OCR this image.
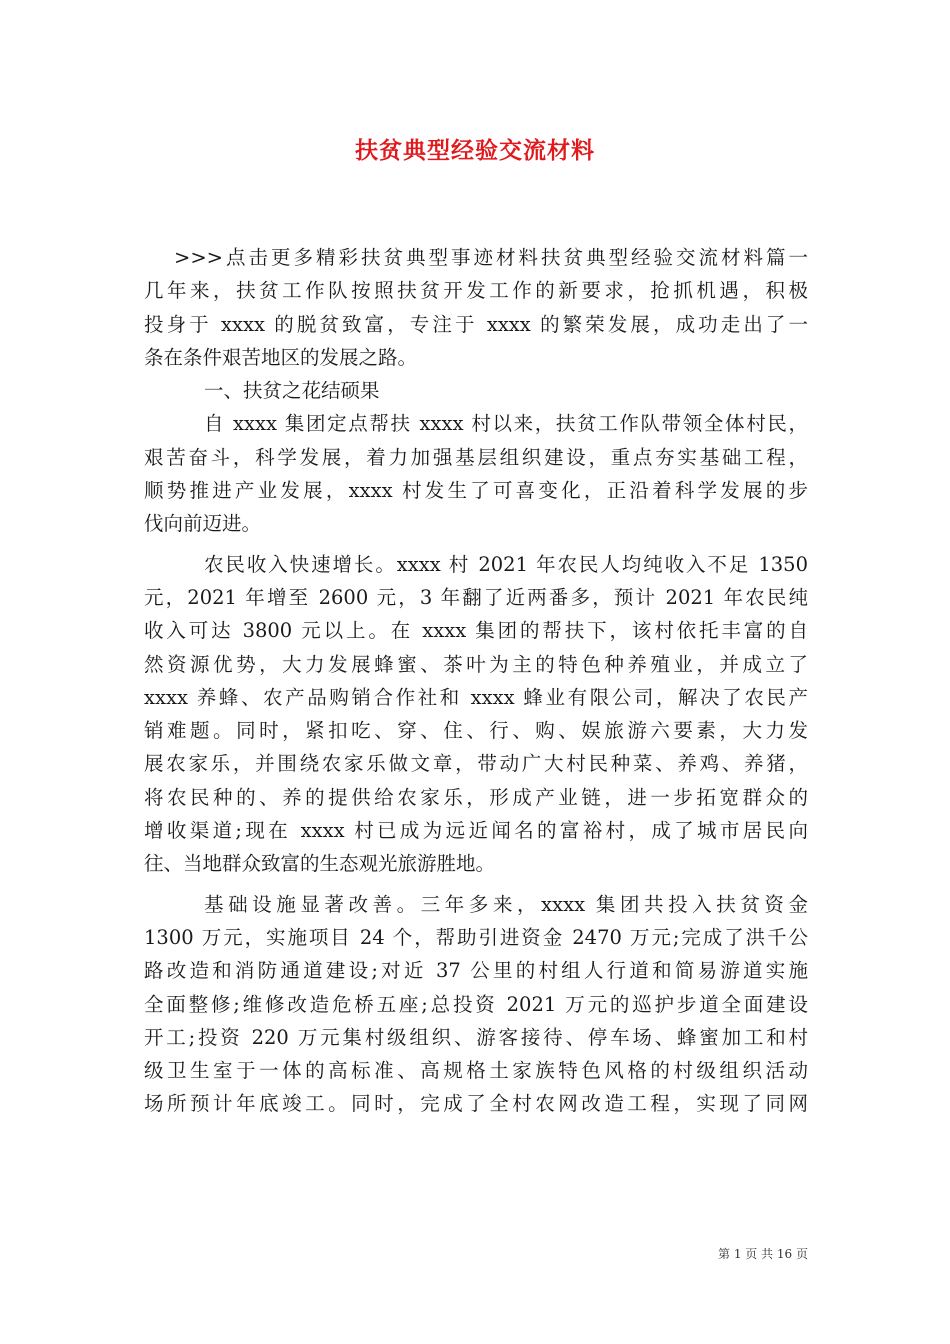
扶贫典型经验交流材料
>>>点击更多精彩扶贫典型事迹材料扶贫典型经验交流材料篇一
几年来，扶贫工作队按照扶贫开发工作的新要求，抢抓机遇，积极
投身于 xxxx 的脱贫致富，专注于 xxxx 的繁荣发展，成功走出了一
条在条件艰苦地区的发展之路。
一、扶贫之花结硕果
自 xxxx 集团定点帮扶 xxxx 村以来，扶贫工作队带领全体村民，
艰苦奋斗，科学发展，着力加强基层组织建设，重点夯实基础工程，
顺势推进产业发展，xxxx 村发生了可喜变化，正沿着科学发展的步
伐向前迈进。
农民收入快速增长。xxxx 村 2021 年农民人均纯收入不足 1350
元，2021 年增至 2600 元，3 年翻了近两番多，预计 2021 年农民纯
收入可达 3800 元以上。在 xxxx 集团的帮扶下，该村依托丰富的自
然资源优势，大力发展蜂蜜、茶叶为主的特色种养殖业，并成立了
xxxx 养蜂、农产品购销合作社和 xxxx 蜂业有限公司，解决了农民产
销难题。同时，紧扣吃、穿、住、行、购、娱旅游六要素，大力发
展农家乐，并围绕农家乐做文章，带动广大村民种菜、养鸡、养猪，
将农民种的、养的提供给农家乐，形成产业链，进一步拓宽群众的
增收渠道;现在 xxxx 村已成为远近闻名的富裕村，成了城市居民向
往、当地群众致富的生态观光旅游胜地。
基础设施显著改善。三年多来，xxxx 集团共投入扶贫资金
1300 万元，实施项目 24 个，帮助引进资金 2470 万元;完成了洪千公
路改造和消防通道建设;对近 37 公里的村组人行道和简易游道实施
全面整修;维修改造危桥五座;总投资 2021 万元的巡护步道全面建设
开工;投资 220 万元集村级组织、游客接待、停车场、蜂蜜加工和村
级卫生室于一体的高标准、高规格土家族特色风格的村级组织活动
场所预计年底竣工。同时，完成了全村农网改造工程，实现了同网
第 1 页 共 16 页
